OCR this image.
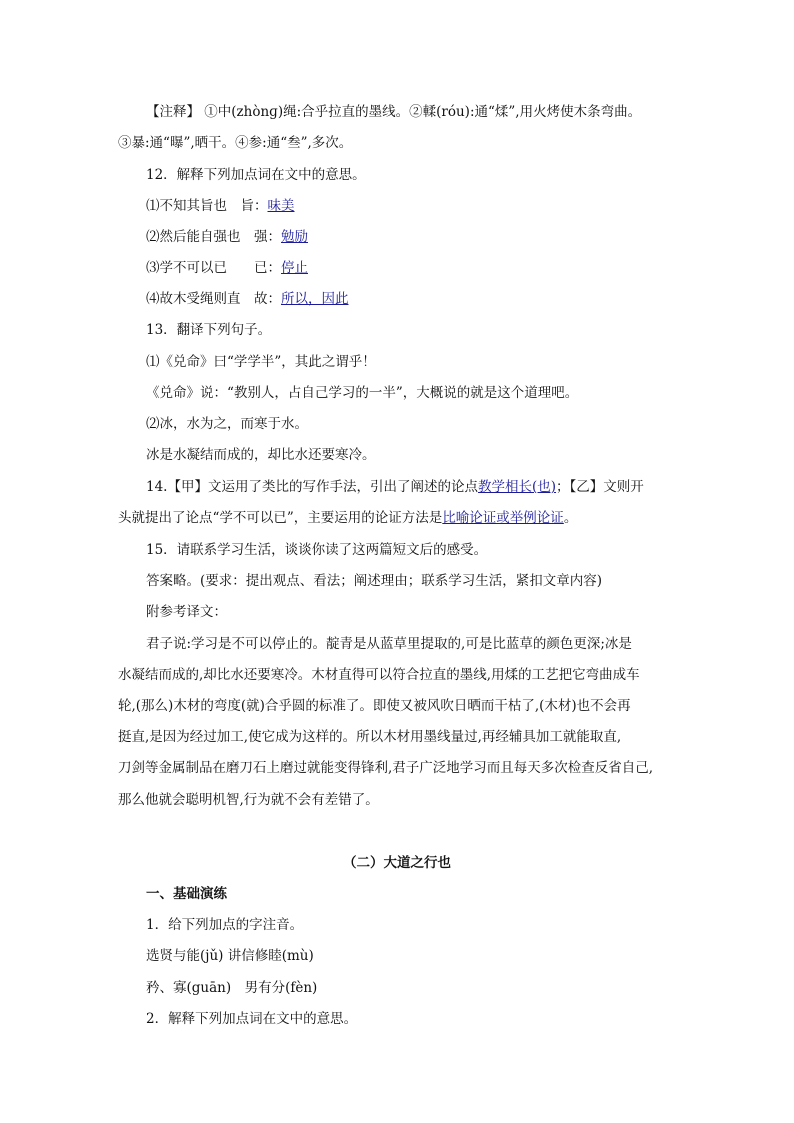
【注释】 ①中(zhònɡ)绳:合乎拉直的墨线。②輮(róu):通“煣”,用火烤使木条弯曲。
③暴:通“曝”,晒干。④参:通“叁”,多次。
12．解释下列加点词在文中的意思。
⑴不知其旨也　旨：味美
⑵然后能自强也　强：勉励
⑶学不可以已　　已：停止
⑷故木受绳则直　故：所以，因此
13．翻译下列句子。
⑴《兑命》曰“学学半”，其此之谓乎！
《兑命》说：“教别人，占自己学习的一半”，大概说的就是这个道理吧。
⑵冰，水为之，而寒于水。
冰是水凝结而成的，却比水还要寒冷。
14.【甲】文运用了类比的写作手法，引出了阐述的论点教学相长(也)；【乙】文则开
头就提出了论点“学不可以已”，主要运用的论证方法是比喻论证或举例论证。
15．请联系学习生活，谈谈你读了这两篇短文后的感受。
答案略。(要求：提出观点、看法；阐述理由；联系学习生活，紧扣文章内容)
附参考译文：
君子说:学习是不可以停止的。靛青是从蓝草里提取的,可是比蓝草的颜色更深;冰是
水凝结而成的,却比水还要寒冷。木材直得可以符合拉直的墨线,用煣的工艺把它弯曲成车
轮,(那么)木材的弯度(就)合乎圆的标准了。即使又被风吹日晒而干枯了,(木材)也不会再
挺直,是因为经过加工,使它成为这样的。所以木材用墨线量过,再经辅具加工就能取直,
刀剑等金属制品在磨刀石上磨过就能变得锋利,君子广泛地学习而且每天多次检查反省自己,
那么他就会聪明机智,行为就不会有差错了。
（二）大道之行也
一、基础演练
1．给下列加点的字注音。
选贤与能(jǔ) 讲信修睦(mù)
矜、寡(guān)　男有分(fèn)
2．解释下列加点词在文中的意思。
